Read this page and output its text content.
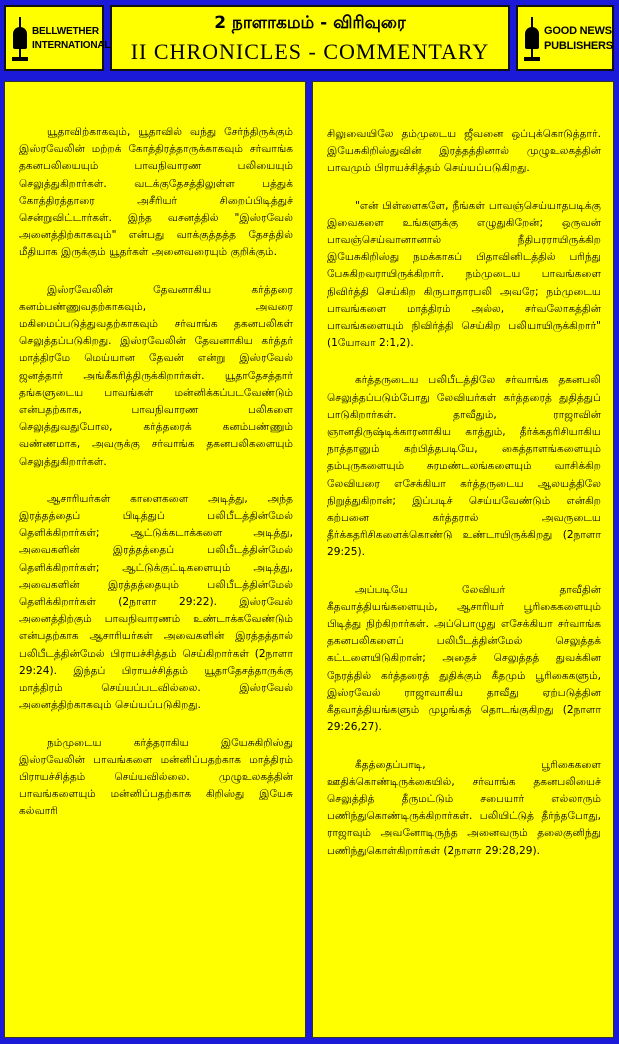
BELLWETHER
INTERNATIONAL
2 நாளாகமம் - விரிவுரை
II CHRONICLES - COMMENTARY
GOOD NEWS
PUBLISHERS

யூதாவிற்காகவும், யூதாவில் வந்து சேர்ந்திருக்கும் இஸ்ரவேலின் மற்றக் கோத்திரத்தாருக்காகவும் சர்வாங்க தகனபலியையும் பாவநிவாரண பலியையும் செலுத்துகிறார்கள். வடக்குதேசத்திலுள்ள பத்துக் கோத்திரத்தாரை அசீரியர் சிறைப்பிடித்துச் சென்றுவிட்டார்கள். இந்த வசனத்தில் "இஸ்ரவேல் அனைத்திற்காகவும்" என்பது வாக்குத்தத்த தேசத்தில் மீதியாக இருக்கும் யூதர்கள் அனைவரையும் குறிக்கும்.

இஸ்ரவேலின் தேவனாகிய கர்த்தரை கனம்பண்ணுவதற்காகவும், அவரை மகிமைப்படுத்துவதற்காகவும் சர்வாங்க தகனபலிகள் செலுத்தப்படுகிறது. இஸ்ரவேலின் தேவனாகிய கர்த்தர் மாத்திரமே மெய்யான தேவன் என்று இஸ்ரவேல் ஜனத்தார் அங்கீகரித்திருக்கிறார்கள். யூதாதேசத்தார் தங்களுடைய பாவங்கள் மன்னிக்கப்படவேண்டும் என்பதற்காக, பாவநிவாரண பலிகளை செலுத்துவதுபோல, கர்த்தரைக் கனம்பண்ணும் வண்ணமாக, அவருக்கு சர்வாங்க தகனபலிகளையும் செலுத்துகிறார்கள்.

ஆசாரியர்கள் காளைகளை அடித்து, அந்த இரத்தத்தைப் பிடித்துப் பலிபீடத்தின்மேல் தெளிக்கிறார்கள்; ஆட்டுக்கடாக்களை அடித்து, அவைகளின் இரத்தத்தைப் பலிபீடத்தின்மேல் தெளிக்கிறார்கள்; ஆட்டுக்குட்டிகளையும் அடித்து, அவைகளின் இரத்தத்தையும் பலிபீடத்தின்மேல் தெளிக்கிறார்கள் (2நாளா 29:22). இஸ்ரவேல் அனைத்திற்கும் பாவநிவாரணம் உண்டாக்கவேண்டும் என்பதற்காக ஆசாரியர்கள் அவைகளின் இரத்தத்தால் பலிபீடத்தின்மேல் பிராயச்சித்தம் செய்கிறார்கள் (2நாளா 29:24). இந்தப் பிராயச்சித்தம் யூதாதேசத்தாருக்கு மாத்திரம் செய்யப்படவில்லை. இஸ்ரவேல் அனைத்திற்காகவும் செய்யப்படுகிறது.

நம்முடைய கர்த்தராகிய இயேசுகிறிஸ்து இஸ்ரவேலின் பாவங்களை மன்னிப்பதற்காக மாத்திரம் பிராயச்சித்தம் செய்யவில்லை. முழுஉலகத்தின் பாவங்களையும் மன்னிப்பதற்காக கிறிஸ்து இயேசு கல்வாரி

சிலுவையிலே தம்முடைய ஜீவனை ஒப்புக்கொடுத்தார். இயேசுகிறிஸ்துவின் இரத்தத்தினால் முழுஉலகத்தின் பாவமும் பிராயச்சித்தம் செய்யப்படுகிறது.

"என் பிள்ளைகளே, நீங்கள் பாவஞ்செய்யாதபடிக்கு இவைகளை உங்களுக்கு எழுதுகிறேன்; ஒருவன் பாவஞ்செய்வானானால் நீதிபரராயிருக்கிற இயேசுகிறிஸ்து நமக்காகப் பிதாவினிடத்தில் பரிந்து பேசுகிறவராயிருக்கிறார். நம்முடைய பாவங்களை நிவிர்த்தி செய்கிற கிருபாதாரபலி அவரே; நம்முடைய பாவங்களை மாத்திரம் அல்ல, சர்வலோகத்தின் பாவங்களையும் நிவிர்த்தி செய்கிற பலியாயிருக்கிறார்" (1யோவா 2:1,2).

கர்த்தருடைய பலிபீடத்திலே சர்வாங்க தகனபலி செலுத்தப்படும்போது லேவியர்கள் கர்த்தரைத் துதித்துப் பாடுகிறார்கள். தாவீதும், ராஜாவின் ஞானதிருஷ்டிக்காரனாகிய காத்தும், தீர்க்கதரிசியாகிய நாத்தானும் கற்பித்தபடியே, கைத்தாளங்களையும் தம்புருகளையும் சுரமண்டலங்களையும் வாசிக்கிற லேவியரை எசேக்கியா கர்த்தருடைய ஆலயத்திலே நிறுத்துகிறான்; இப்படிச் செய்யவேண்டும் என்கிற கற்பனை கர்த்தரால் அவருடைய தீர்க்கதரிசிகளைக்கொண்டு உண்டாயிருக்கிறது (2நாளா 29:25).

அப்படியே லேவியர் தாவீதின் கீதவாத்தியங்களையும், ஆசாரியர் பூரிகைகளையும் பிடித்து நிற்கிறார்கள். அப்பொழுது எசேக்கியா சர்வாங்க தகனபலிகளைப் பலிபீடத்தின்மேல் செலுத்தக் கட்டளையிடுகிறான்; அதைச் செலுத்தத் துவக்கின நேரத்தில் கர்த்தரைத் துதிக்கும் கீதமும் பூரிகைகளும், இஸ்ரவேல் ராஜாவாகிய தாவீது ஏற்படுத்தின கீதவாத்தியங்களும் முழங்கத் தொடங்குகிறது (2நாளா 29:26,27).

கீதத்தைப்பாடி, பூரிகைகளை ஊதிக்கொண்டிருக்கையில், சர்வாங்க தகனபலியைச் செலுத்தித் தீருமட்டும் சபையார் எல்லாரும் பணிந்துகொண்டிருக்கிறார்கள். பலியிட்டுத் தீர்ந்தபோது, ராஜாவும் அவனோடிருந்த அனைவரும் தலைகுனிந்து பணிந்துகொள்கிறார்கள் (2நாளா 29:28,29).
